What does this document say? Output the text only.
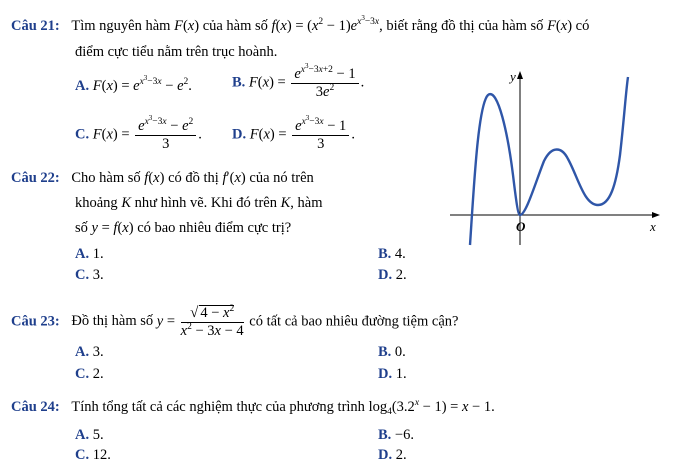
Câu 21: Tìm nguyên hàm F(x) của hàm số $f(x) = (x^2 - 1)e^{x^3-3x}$, biết rằng đồ thị của hàm số F(x) có
điểm cực tiểu nằm trên trục hoành.
A. $F(x) = e^{x^3-3x} - e^2$.	B. $F(x) = \frac{e^{x^3-3x+2} - 1}{3e^2}$ .
C. $F(x) = \frac{e^{x^3-3x} - e^2}{3}$ . D. $F(x) = \frac{e^{x^3-3x} - 1}{3}$ .
Câu 22: Cho hàm số f(x) có đồ thị f′(x) của nó trên
khoảng K như hình vẽ. Khi đó trên K, hàm
số y = f(x) có bao nhiêu điểm cực trị?
A. 1.	B. 4.
C. 3.	D. 2.
y
x
O
Câu 23: Đồ thị hàm số $y = \frac{√ 4 - x^2}{x^2 - 3x - 4}$ có tất cả bao nhiêu đường tiệm cận?
A. 3.	B. 0.
C. 2.	D. 1.
Câu 24: Tính tổng tất cả các nghiệm thực của phương trình $\log_4(3.2^x - 1) = x - 1$.
A. 5.	B. −6.
C. 12.	D. 2.
